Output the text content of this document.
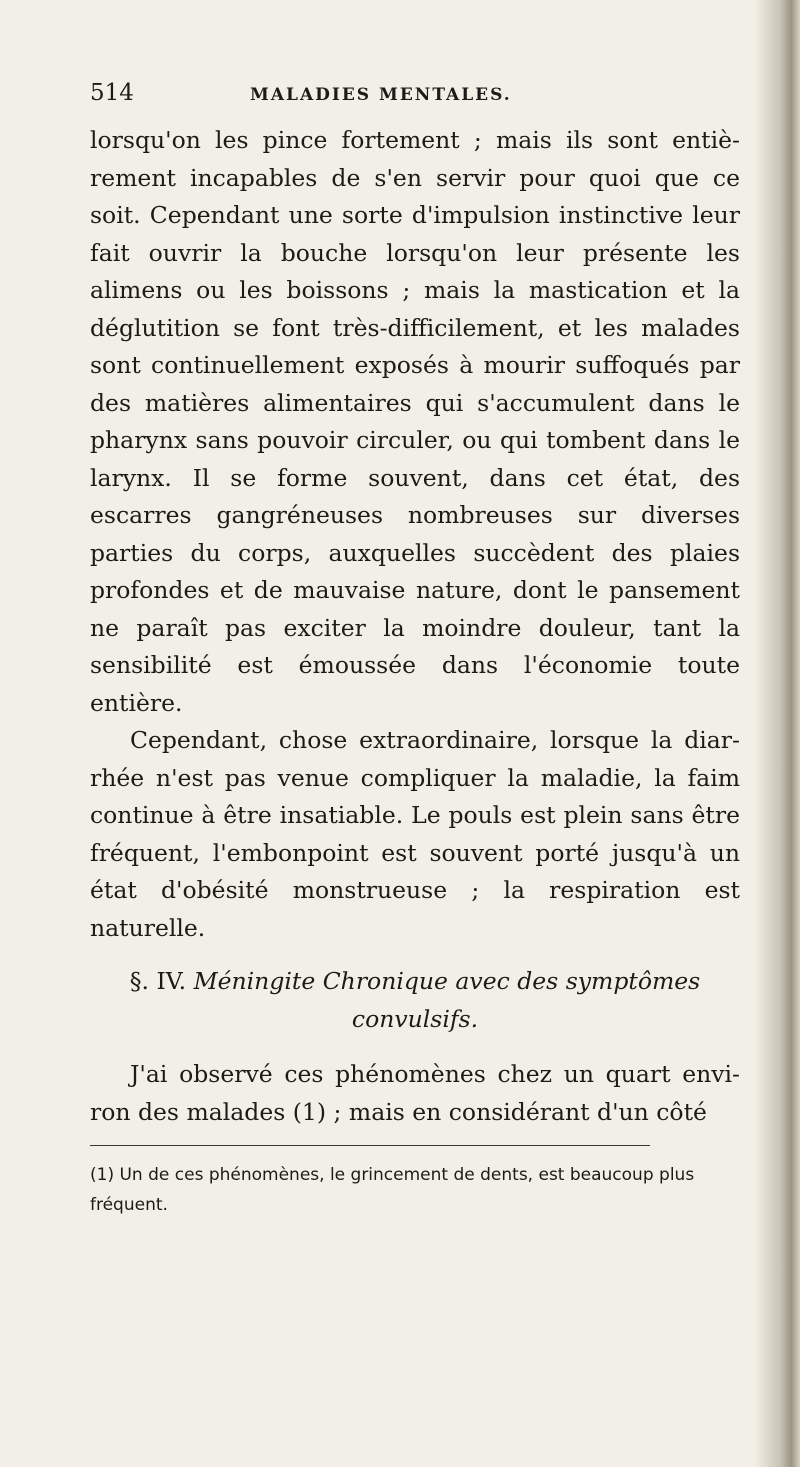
514	MALADIES MENTALES.

lorsqu'on les pince fortement ; mais ils sont entièrement incapables de s'en servir pour quoi que ce soit. Cependant une sorte d'impulsion instinctive leur fait ouvrir la bouche lorsqu'on leur présente les alimens ou les boissons ; mais la mastication et la déglutition se font très-difficilement, et les malades sont continuellement exposés à mourir suffoqués par des matières alimentaires qui s'accumulent dans le pharynx sans pouvoir circuler, ou qui tombent dans le larynx. Il se forme souvent, dans cet état, des escarres gangréneuses nombreuses sur diverses parties du corps, auxquelles succèdent des plaies profondes et de mauvaise nature, dont le pansement ne paraît pas exciter la moindre douleur, tant la sensibilité est émoussée dans l'économie toute entière.

Cependant, chose extraordinaire, lorsque la diarrhée n'est pas venue compliquer la maladie, la faim continue à être insatiable. Le pouls est plein sans être fréquent, l'embonpoint est souvent porté jusqu'à un état d'obésité monstrueuse ; la respiration est naturelle.

§. IV. Méningite Chronique avec des symptômes
convulsifs.

J'ai observé ces phénomènes chez un quart environ des malades (1) ; mais en considérant d'un côté

(1) Un de ces phénomènes, le grincement de dents, est beaucoup plus fréquent.
